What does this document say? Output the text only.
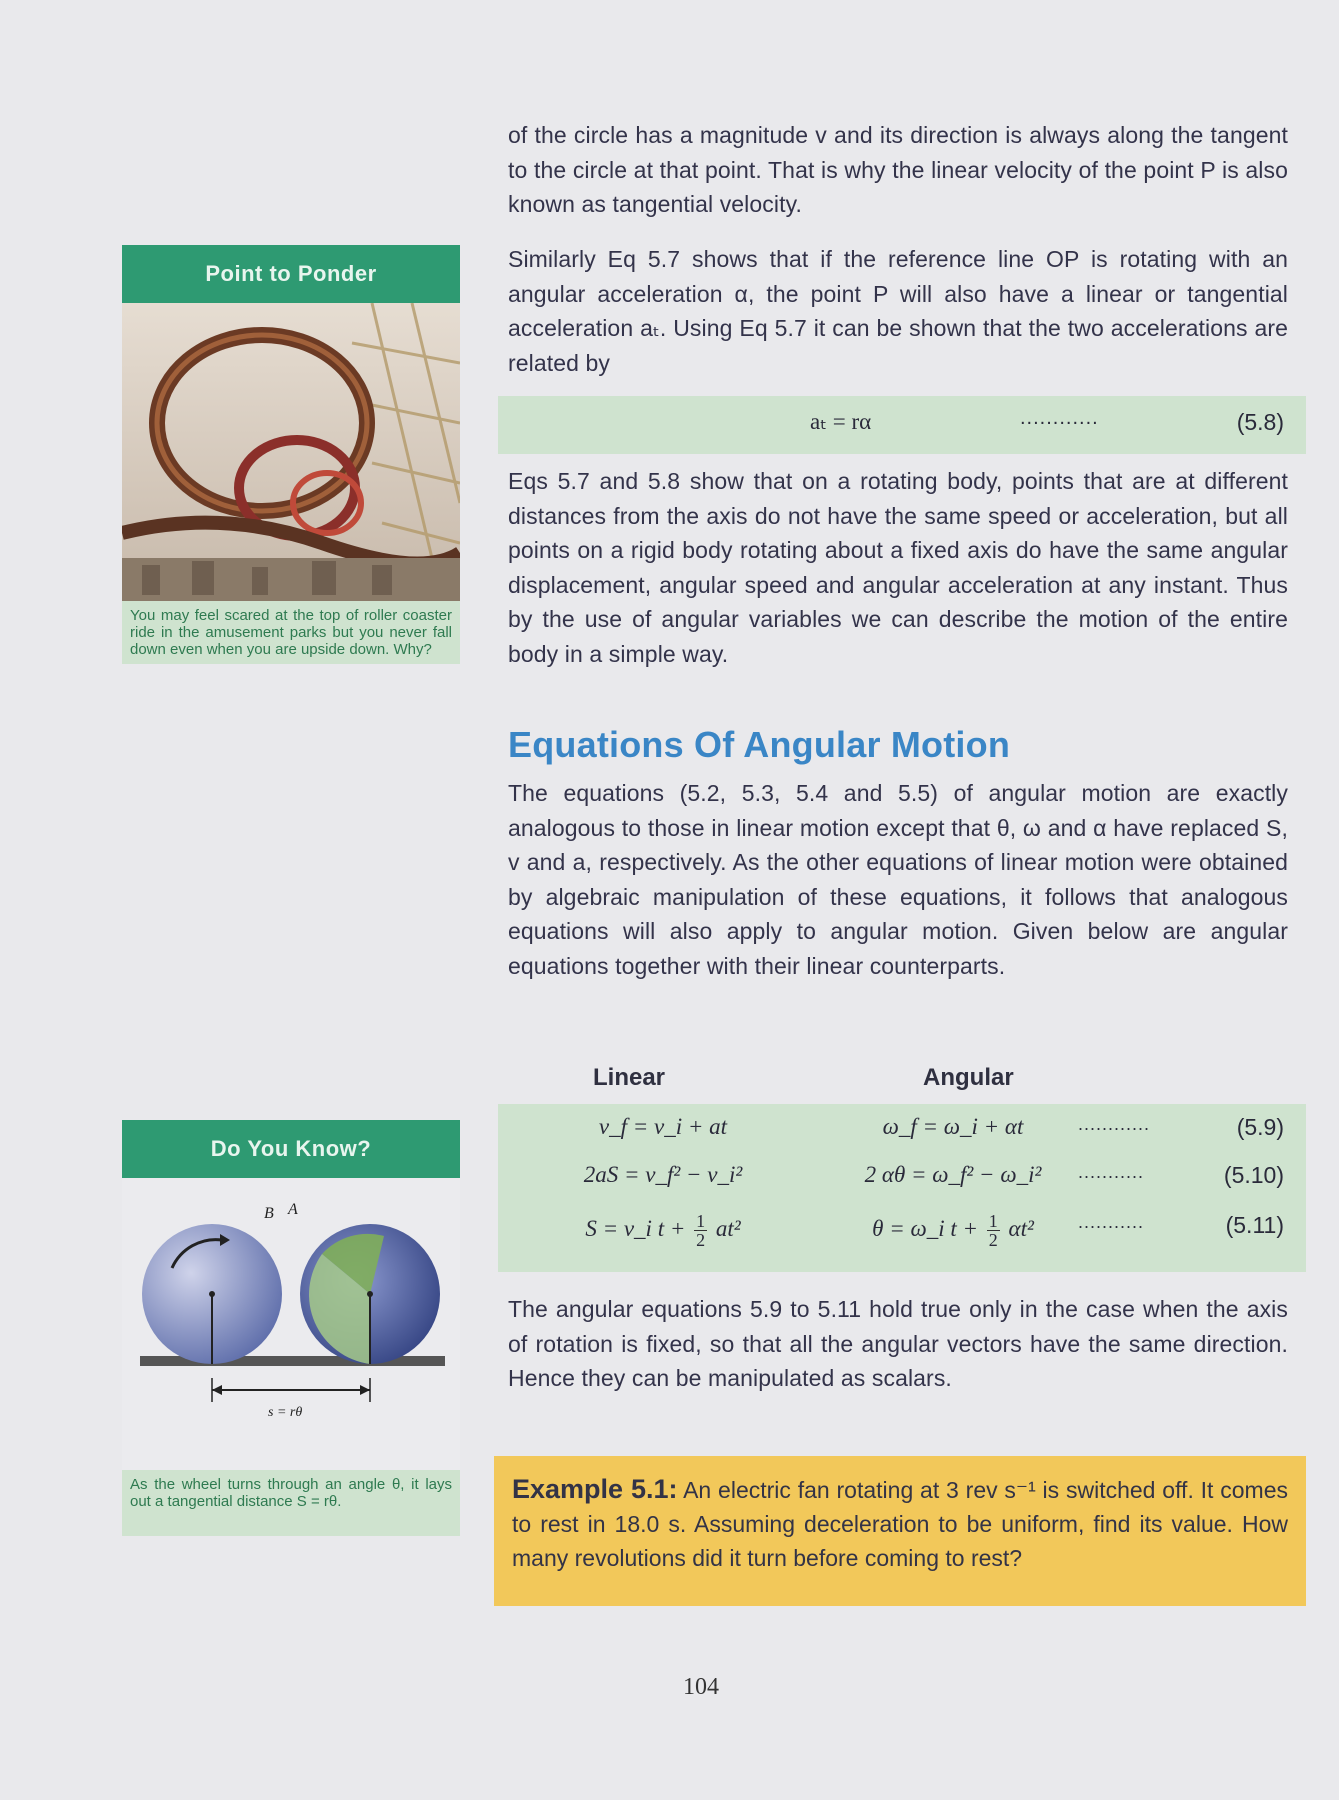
Point to Ponder
You may feel scared at the top of roller coaster ride in the amusement parks but you never fall down even when you are upside down. Why?
Do You Know?
B A
s = rθ
As the wheel turns through an angle θ, it lays out a tangential distance S = rθ.

of the circle has a magnitude v and its direction is always along the tangent to the circle at that point. That is why the linear velocity of the point P is also known as tangential velocity.

Similarly Eq 5.7 shows that if the reference line OP is rotating with an angular acceleration α, the point P will also have a linear or tangential acceleration aₜ. Using Eq 5.7 it can be shown that the two accelerations are related by

aₜ = rα	............	(5.8)

Eqs 5.7 and 5.8 show that on a rotating body, points that are at different distances from the axis do not have the same speed or acceleration, but all points on a rigid body rotating about a fixed axis do have the same angular displacement, angular speed and angular acceleration at any instant. Thus by the use of angular variables we can describe the motion of the entire body in a simple way.

Equations Of Angular Motion

The equations (5.2, 5.3, 5.4 and 5.5) of angular motion are exactly analogous to those in linear motion except that θ, ω and α have replaced S, v and a, respectively. As the other equations of linear motion were obtained by algebraic manipulation of these equations, it follows that analogous equations will also apply to angular motion. Given below are angular equations together with their linear counterparts.

Linear	Angular
v_f = v_i + at	ω_f = ω_i + αt	............	(5.9)
2aS = v_f² − v_i²	2 αθ = ω_f² − ω_i²	...........	(5.10)
S = v_i $t + \frac{1}{2} at^2$	θ = ω_i $t + \frac{1}{2} \alpha t^2$	...........	(5.11)

The angular equations 5.9 to 5.11 hold true only in the case when the axis of rotation is fixed, so that all the angular vectors have the same direction. Hence they can be manipulated as scalars.

Example 5.1: An electric fan rotating at 3 rev s⁻¹ is switched off. It comes to rest in 18.0 s. Assuming deceleration to be uniform, find its value. How many revolutions did it turn before coming to rest?

104
